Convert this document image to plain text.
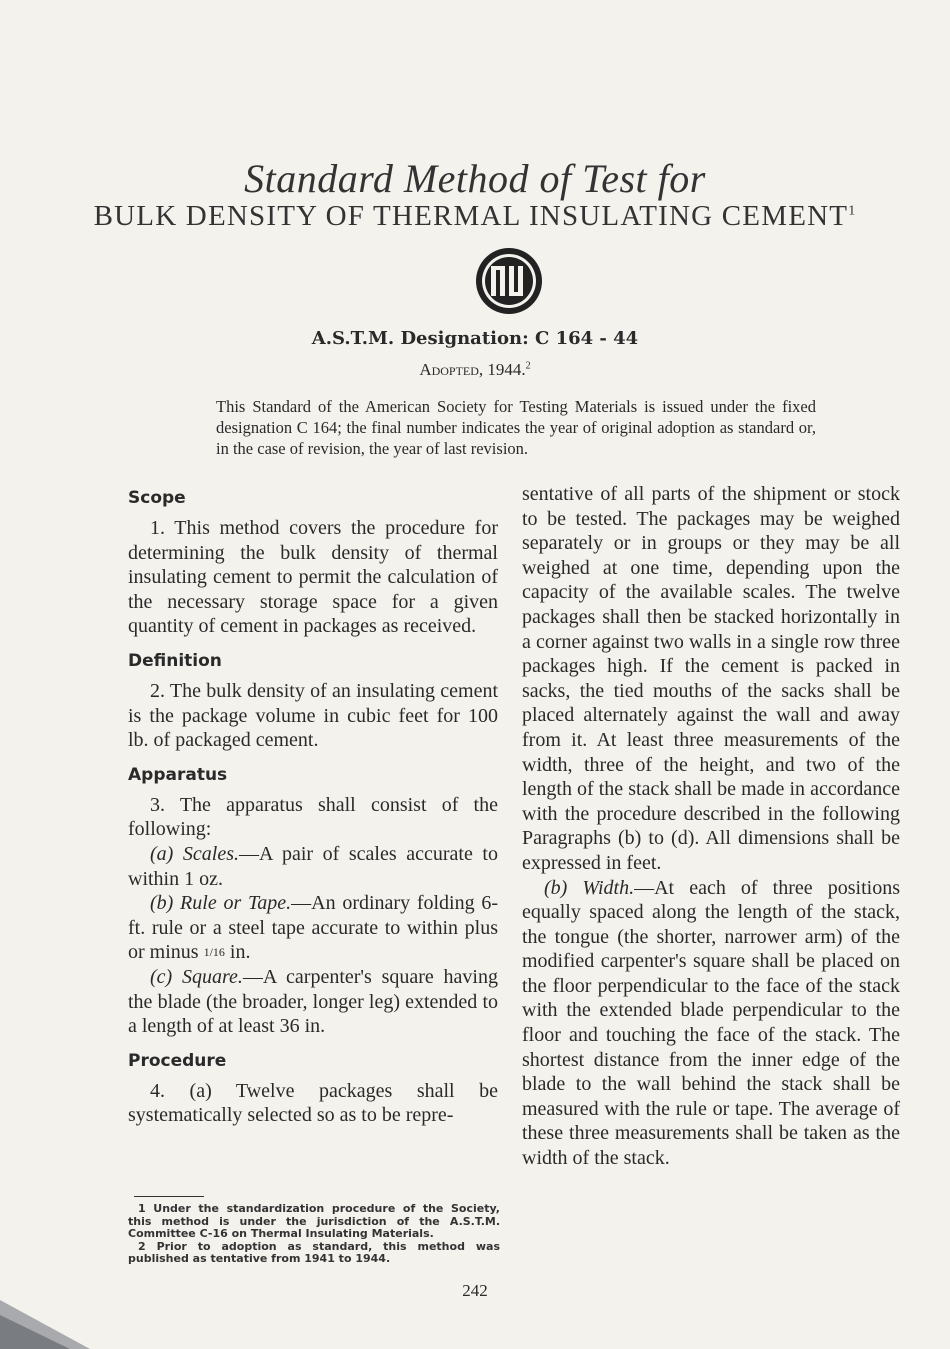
Standard Method of Test for
BULK DENSITY OF THERMAL INSULATING CEMENT$^1$
A.S.T.M. Designation: C 164 - 44
Adopted, 1944.$^2$
This Standard of the American Society for Testing Materials is issued under the fixed designation C 164; the final number indicates the year of original adoption as standard or, in the case of revision, the year of last revision.

Scope

1. This method covers the procedure for determining the bulk density of thermal insulating cement to permit the calculation of the necessary storage space for a given quantity of cement in packages as received.

Definition

2. The bulk density of an insulating cement is the package volume in cubic feet for 100 lb. of packaged cement.

Apparatus

3. The apparatus shall consist of the following:

(a) Scales.—A pair of scales accurate to within 1 oz.

(b) Rule or Tape.—An ordinary folding 6-ft. rule or a steel tape accurate to within plus or minus 1/16 in.

(c) Square.—A carpenter's square having the blade (the broader, longer leg) extended to a length of at least 36 in.

Procedure

4. (a) Twelve packages shall be systematically selected so as to be repre-

sentative of all parts of the shipment or stock to be tested. The packages may be weighed separately or in groups or they may be all weighed at one time, depending upon the capacity of the available scales. The twelve packages shall then be stacked horizontally in a corner against two walls in a single row three packages high. If the cement is packed in sacks, the tied mouths of the sacks shall be placed alternately against the wall and away from it. At least three measurements of the width, three of the height, and two of the length of the stack shall be made in accordance with the procedure described in the following Paragraphs (b) to (d). All dimensions shall be expressed in feet.

(b) Width.—At each of three positions equally spaced along the length of the stack, the tongue (the shorter, narrower arm) of the modified carpenter's square shall be placed on the floor perpendicular to the face of the stack with the extended blade perpendicular to the floor and touching the face of the stack. The shortest distance from the inner edge of the blade to the wall behind the stack shall be measured with the rule or tape. The average of these three measurements shall be taken as the width of the stack.

1 Under the standardization procedure of the Society, this method is under the jurisdiction of the A.S.T.M. Committee C-16 on Thermal Insulating Materials.

2 Prior to adoption as standard, this method was published as tentative from 1941 to 1944.

242
